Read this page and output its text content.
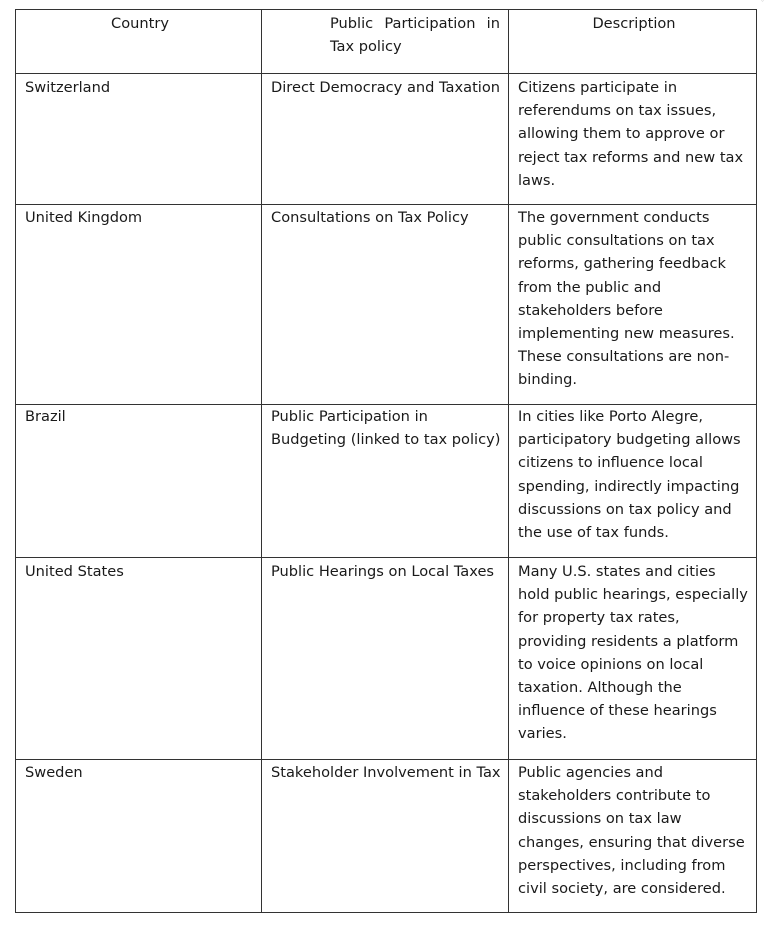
Country	Public Participation in Tax policy	Description
Switzerland	Direct Democracy and Taxation	Citizens participate in referendums on tax issues, allowing them to approve or reject tax reforms and new tax laws.
United Kingdom	Consultations on Tax Policy	The government conducts public consultations on tax reforms, gathering feedback from the public and stakeholders before implementing new measures. These consultations are non-binding.
Brazil	Public Participation in Budgeting (linked to tax policy)	In cities like Porto Alegre, participatory budgeting allows citizens to influence local spending, indirectly impacting discussions on tax policy and the use of tax funds.
United States	Public Hearings on Local Taxes	Many U.S. states and cities hold public hearings, especially for property tax rates, providing residents a platform to voice opinions on local taxation. Although the influence of these hearings varies.
Sweden	Stakeholder Involvement in Tax	Public agencies and stakeholders contribute to discussions on tax law changes, ensuring that diverse perspectives, including from civil society, are considered.
°
